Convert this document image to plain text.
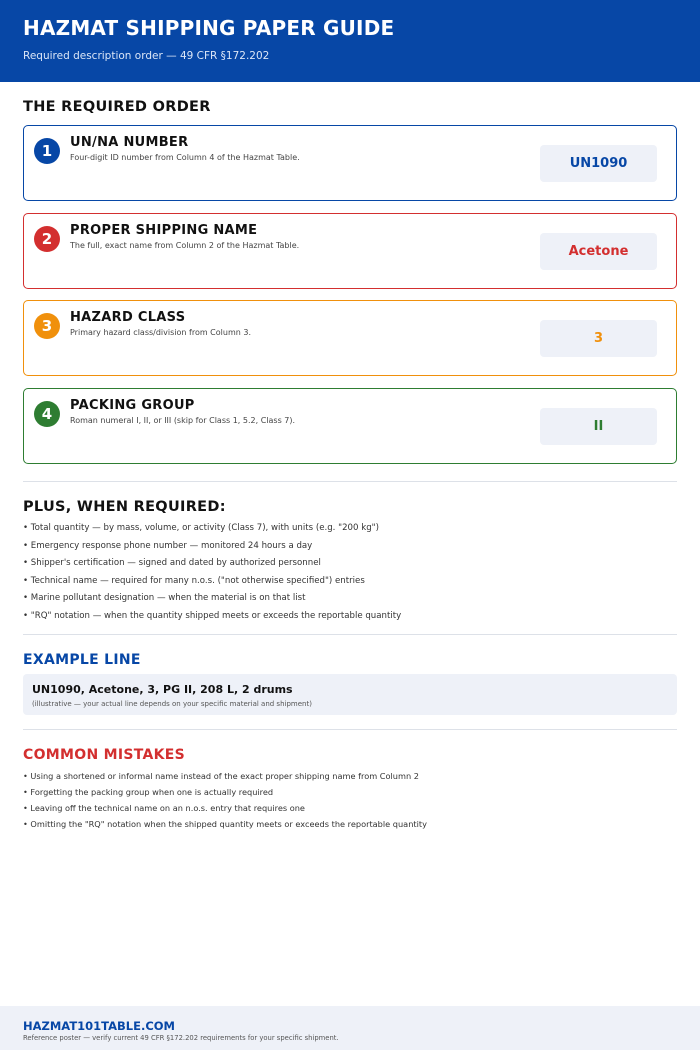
HAZMAT SHIPPING PAPER GUIDE
Required description order — 49 CFR §172.202
THE REQUIRED ORDER
1	UN/NA NUMBER
Four-digit ID number from Column 4 of the Hazmat Table.	UN1090
2	PROPER SHIPPING NAME
The full, exact name from Column 2 of the Hazmat Table.	Acetone
3	HAZARD CLASS
Primary hazard class/division from Column 3.	3
4	PACKING GROUP
Roman numeral I, II, or III (skip for Class 1, 5.2, Class 7).	II
PLUS, WHEN REQUIRED:
• Total quantity — by mass, volume, or activity (Class 7), with units (e.g. "200 kg")
• Emergency response phone number — monitored 24 hours a day
• Shipper's certification — signed and dated by authorized personnel
• Technical name — required for many n.o.s. ("not otherwise specified") entries
• Marine pollutant designation — when the material is on that list
• "RQ" notation — when the quantity shipped meets or exceeds the reportable quantity
EXAMPLE LINE
UN1090, Acetone, 3, PG II, 208 L, 2 drums
(illustrative — your actual line depends on your specific material and shipment)
COMMON MISTAKES
• Using a shortened or informal name instead of the exact proper shipping name from Column 2
• Forgetting the packing group when one is actually required
• Leaving off the technical name on an n.o.s. entry that requires one
• Omitting the "RQ" notation when the shipped quantity meets or exceeds the reportable quantity
HAZMAT101TABLE.COM
Reference poster — verify current 49 CFR §172.202 requirements for your specific shipment.
